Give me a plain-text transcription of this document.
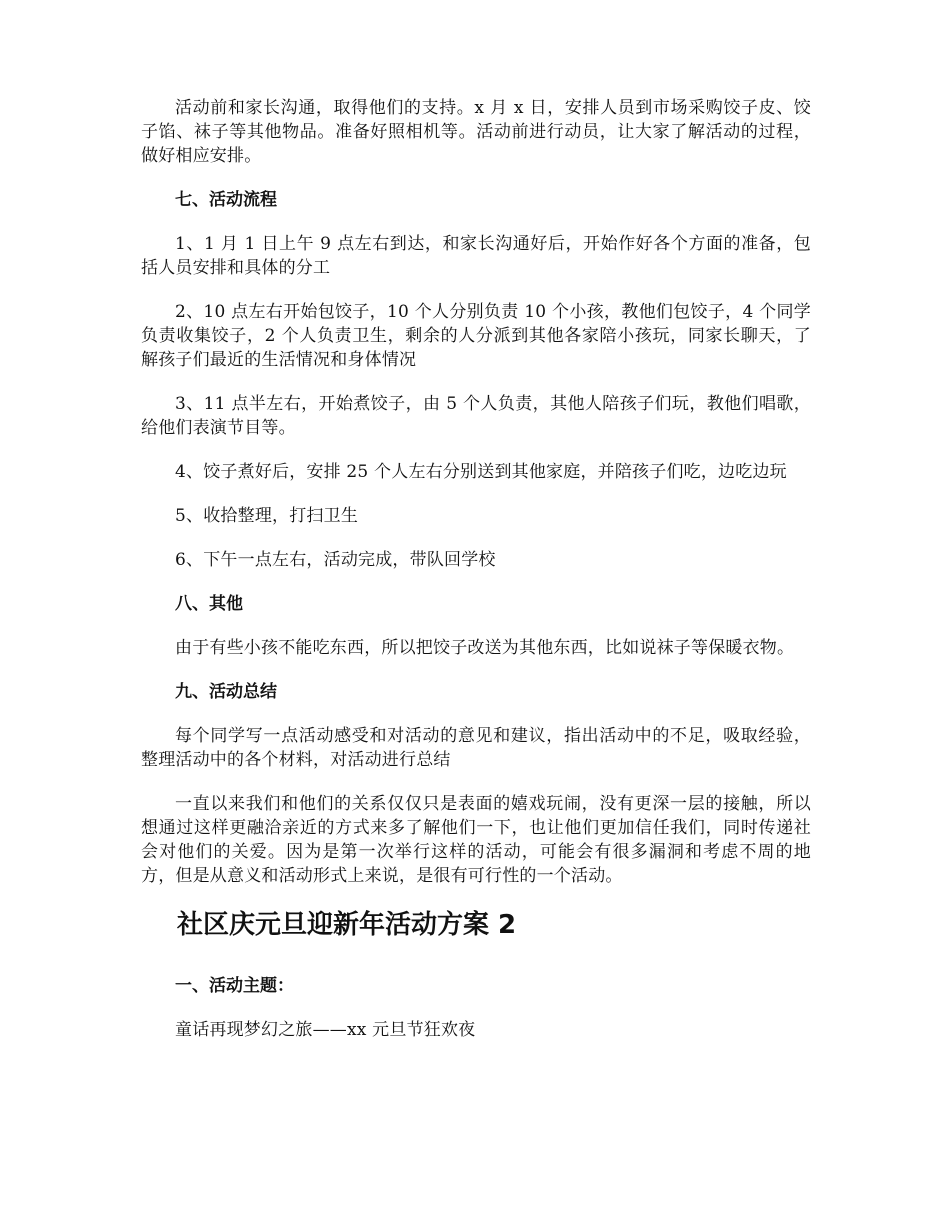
活动前和家长沟通，取得他们的支持。x 月 x 日，安排人员到市场采购饺子皮、饺子馅、袜子等其他物品。准备好照相机等。活动前进行动员，让大家了解活动的过程，做好相应安排。

七、活动流程

1、1 月 1 日上午 9 点左右到达，和家长沟通好后，开始作好各个方面的准备，包括人员安排和具体的分工

2、10 点左右开始包饺子，10 个人分别负责 10 个小孩，教他们包饺子，4 个同学负责收集饺子，2 个人负责卫生，剩余的人分派到其他各家陪小孩玩，同家长聊天，了解孩子们最近的生活情况和身体情况

3、11 点半左右，开始煮饺子，由 5 个人负责，其他人陪孩子们玩，教他们唱歌，给他们表演节目等。

4、饺子煮好后，安排 25 个人左右分别送到其他家庭，并陪孩子们吃，边吃边玩

5、收拾整理，打扫卫生

6、下午一点左右，活动完成，带队回学校

八、其他

由于有些小孩不能吃东西，所以把饺子改送为其他东西，比如说袜子等保暖衣物。

九、活动总结

每个同学写一点活动感受和对活动的意见和建议，指出活动中的不足，吸取经验，整理活动中的各个材料，对活动进行总结

一直以来我们和他们的关系仅仅只是表面的嬉戏玩闹，没有更深一层的接触，所以想通过这样更融洽亲近的方式来多了解他们一下，也让他们更加信任我们，同时传递社会对他们的关爱。因为是第一次举行这样的活动，可能会有很多漏洞和考虑不周的地方，但是从意义和活动形式上来说，是很有可行性的一个活动。

社区庆元旦迎新年活动方案 2

一、活动主题：

童话再现梦幻之旅——xx 元旦节狂欢夜
